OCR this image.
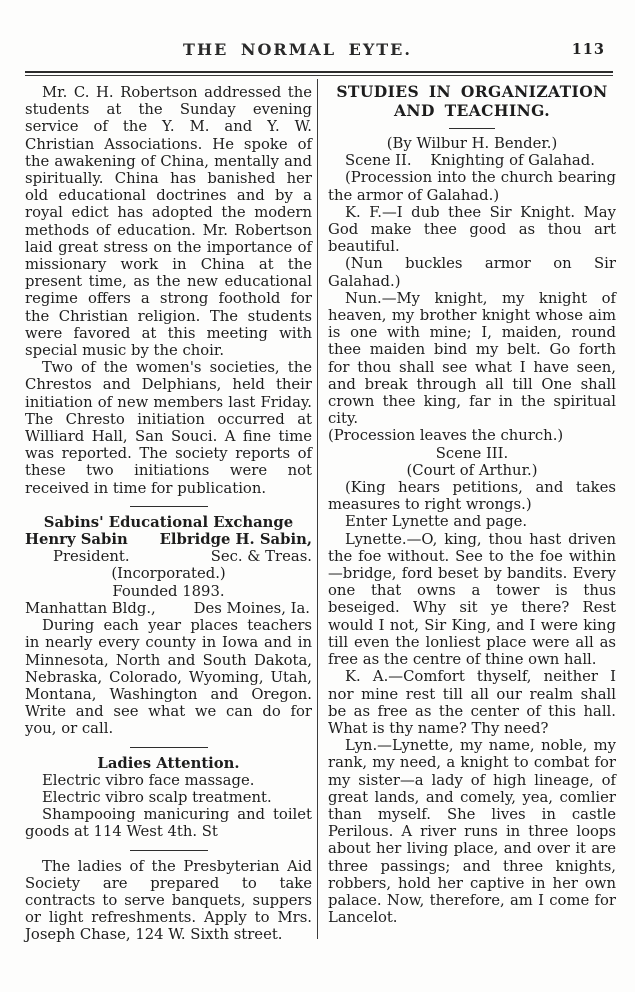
THE NORMAL EYTE.	113

Mr. C. H. Robertson addressed the students at the Sunday evening service of the Y. M. and Y. W. Christian Associations. He spoke of the awakening of China, mentally and spiritually. China has banished her old educational doctrines and by a royal edict has adopted the modern methods of education. Mr. Robertson laid great stress on the importance of missionary work in China at the present time, as the new educational regime offers a strong foothold for the Christian religion. The students were favored at this meeting with special music by the choir.

Two of the women's societies, the Chrestos and Delphians, held their initiation of new members last Friday. The Chresto initiation occurred at Williard Hall, San Souci. A fine time was reported. The society reports of these two initiations were not received in time for publication.

Sabins' Educational Exchange

Henry Sabin Elbridge H. Sabin,
President.	Sec. & Treas.

(Incorporated.)

Founded 1893.

Manhattan Bldg.,	Des Moines, Ia.

During each year places teachers in nearly every county in Iowa and in Minnesota, North and South Dakota, Nebraska, Colorado, Wyoming, Utah, Montana, Washington and Oregon. Write and see what we can do for you, or call.

Ladies Attention.

Electric vibro face massage.

Electric vibro scalp treatment.

Shampooing manicuring and toilet goods at 114 West 4th. St

The ladies of the Presbyterian Aid Society are prepared to take contracts to serve banquets, suppers or light refreshments. Apply to Mrs. Joseph Chase, 124 W. Sixth street.

STUDIES IN ORGANIZATION AND TEACHING.

(By Wilbur H. Bender.)

Scene II.    Knighting of Galahad.

(Procession into the church bearing the armor of Galahad.)

K. F.—I dub thee Sir Knight. May God make thee good as thou art beautiful.

(Nun buckles armor on Sir Galahad.)

Nun.—My knight, my knight of heaven, my brother knight whose aim is one with mine; I, maiden, round thee maiden bind my belt. Go forth for thou shall see what I have seen, and break through all till One shall crown thee king, far in the spiritual city.

(Procession leaves the church.)

Scene III.

(Court of Arthur.)

(King hears petitions, and takes measures to right wrongs.)

Enter Lynette and page.

Lynette.—O, king, thou hast driven the foe without. See to the foe within—bridge, ford beset by bandits. Every one that owns a tower is thus beseiged. Why sit ye there? Rest would I not, Sir King, and I were king till even the lonliest place were all as free as the centre of thine own hall.

K. A.—Comfort thyself, neither I nor mine rest till all our realm shall be as free as the center of this hall. What is thy name? Thy need?

Lyn.—Lynette, my name, noble, my rank, my need, a knight to combat for my sister—a lady of high lineage, of great lands, and comely, yea, comlier than myself. She lives in castle Perilous. A river runs in three loops about her living place, and over it are three passings; and three knights, robbers, hold her captive in her own palace. Now, therefore, am I come for Lancelot.
